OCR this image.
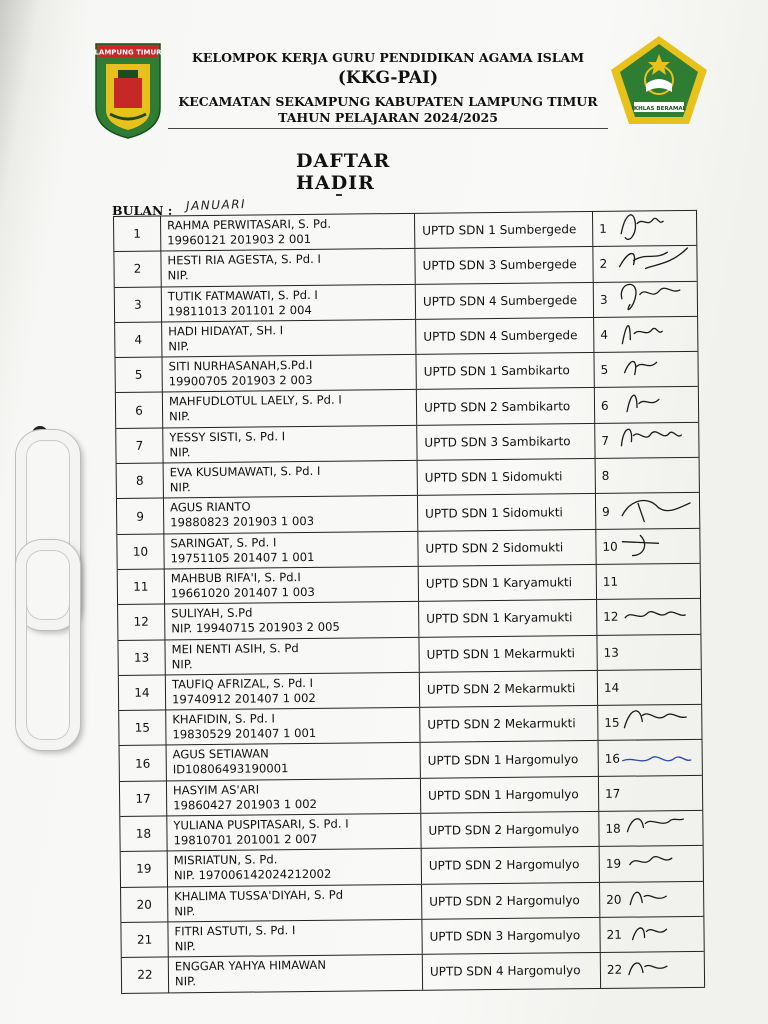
LAMPUNG TIMUR
IKHLAS BERAMAL
KELOMPOK KERJA GURU PENDIDIKAN AGAMA ISLAM
(KKG-PAI)
KECAMATAN SEKAMPUNG KABUPATEN LAMPUNG TIMUR
TAHUN PELAJARAN 2024/2025
DAFTAR HADIR
BULAN : JANUARI
1
RAHMA PERWITASARI, S. Pd.
19960121 201903 2 001
UPTD SDN 1 Sumbergede	1
2
HESTI RIA AGESTA, S. Pd. I
NIP.
UPTD SDN 3 Sumbergede	2
3
TUTIK FATMAWATI, S. Pd. I
19811013 201101 2 004
UPTD SDN 4 Sumbergede	3
4
HADI HIDAYAT, SH. I
NIP.
UPTD SDN 4 Sumbergede	4
5
SITI NURHASANAH,S.Pd.I
19900705 201903 2 003
UPTD SDN 1 Sambikarto	5
6
MAHFUDLOTUL LAELY, S. Pd. I
NIP.
UPTD SDN 2 Sambikarto	6
7
YESSY SISTI, S. Pd. I
NIP.
UPTD SDN 3 Sambikarto	7
8
EVA KUSUMAWATI, S. Pd. I
NIP.
UPTD SDN 1 Sidomukti	8
9
AGUS RIANTO
19880823 201903 1 003
UPTD SDN 1 Sidomukti	9
10
SARINGAT, S. Pd. I
19751105 201407 1 001
UPTD SDN 2 Sidomukti	10
11
MAHBUB RIFA'I, S. Pd.I
19661020 201407 1 003
UPTD SDN 1 Karyamukti	11
12
SULIYAH, S.Pd
NIP. 19940715 201903 2 005
UPTD SDN 1 Karyamukti	12
13
MEI NENTI ASIH, S. Pd
NIP.
UPTD SDN 1 Mekarmukti	13
14
TAUFIQ AFRIZAL, S. Pd. I
19740912 201407 1 002
UPTD SDN 2 Mekarmukti	14
15
KHAFIDIN, S. Pd. I
19830529 201407 1 001
UPTD SDN 2 Mekarmukti	15
16
AGUS SETIAWAN
ID10806493190001
UPTD SDN 1 Hargomulyo	16
17
HASYIM AS'ARI
19860427 201903 1 002
UPTD SDN 1 Hargomulyo	17
18
YULIANA PUSPITASARI, S. Pd. I
19810701 201001 2 007
UPTD SDN 2 Hargomulyo	18
19
MISRIATUN, S. Pd.
NIP. 197006142024212002
UPTD SDN 2 Hargomulyo	19
20
KHALIMA TUSSA'DIYAH, S. Pd
NIP.
UPTD SDN 2 Hargomulyo	20
21
FITRI ASTUTI, S. Pd. I
NIP.
UPTD SDN 3 Hargomulyo	21
22
ENGGAR YAHYA HIMAWAN
NIP.
UPTD SDN 4 Hargomulyo	22
